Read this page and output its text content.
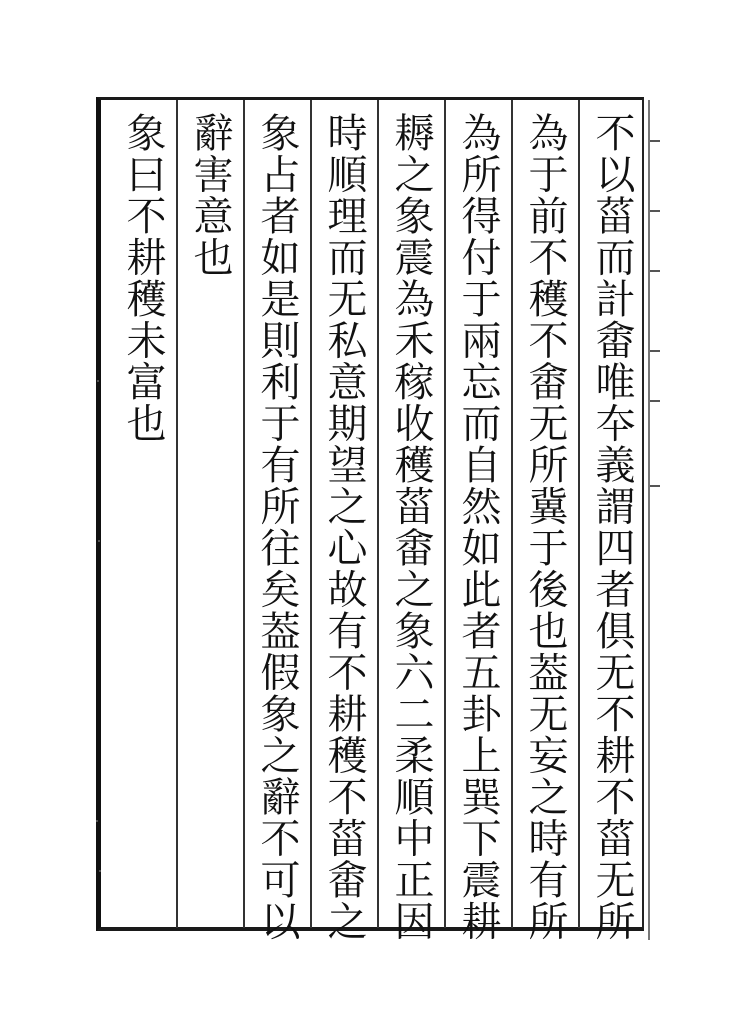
不以菑而計畬唯夲義謂四者俱无不耕不菑无所
為于前不穫不畬无所冀于後也葢无妄之時有所
為所得付于兩忘而自然如此者五卦上巽下震耕
耨之象震為禾稼收穫菑畬之象六二柔順中正因
時順理而无私意期望之心故有不耕穫不菑畬之
象占者如是則利于有所往矣葢假象之辭不可以
辭害意也
象曰不耕穫未富也
